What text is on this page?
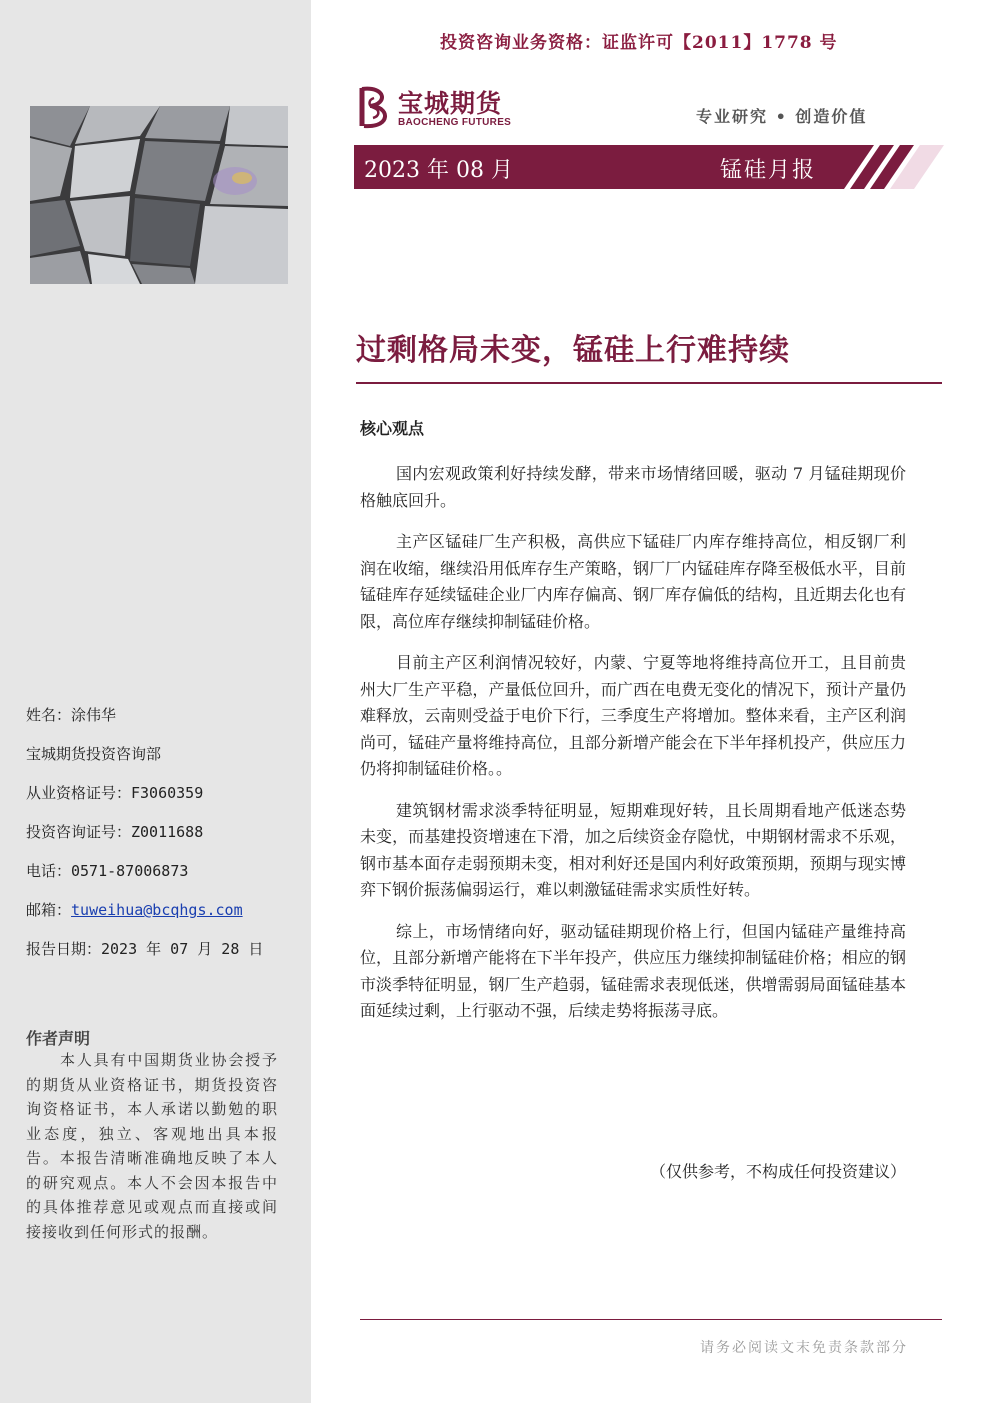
姓名：涂伟华
宝城期货投资咨询部
从业资格证号：F3060359
投资咨询证号：Z0011688
电话：0571-87006873
邮箱：tuweihua@bcqhgs.com
报告日期：2023 年 07 月 28 日
作者声明
本人具有中国期货业协会授予的期货从业资格证书，期货投资咨询资格证书，本人承诺以勤勉的职业态度，独立、客观地出具本报告。本报告清晰准确地反映了本人的研究观点。本人不会因本报告中的具体推荐意见或观点而直接或间接接收到任何形式的报酬。
投资咨询业务资格：证监许可【2011】1778 号
宝城期货
BAOCHENG FUTURES	专业研究 • 创造价值
2023 年 08 月	锰硅月报
过剩格局未变，锰硅上行难持续
核心观点

国内宏观政策利好持续发酵，带来市场情绪回暖，驱动 7 月锰硅期现价格触底回升。

主产区锰硅厂生产积极，高供应下锰硅厂内库存维持高位，相反钢厂利润在收缩，继续沿用低库存生产策略，钢厂厂内锰硅库存降至极低水平，目前锰硅库存延续锰硅企业厂内库存偏高、钢厂库存偏低的结构，且近期去化也有限，高位库存继续抑制锰硅价格。

目前主产区利润情况较好，内蒙、宁夏等地将维持高位开工，且目前贵州大厂生产平稳，产量低位回升，而广西在电费无变化的情况下，预计产量仍难释放，云南则受益于电价下行，三季度生产将增加。整体来看，主产区利润尚可，锰硅产量将维持高位，且部分新增产能会在下半年择机投产，供应压力仍将抑制锰硅价格。。

建筑钢材需求淡季特征明显，短期难现好转，且长周期看地产低迷态势未变，而基建投资增速在下滑，加之后续资金存隐忧，中期钢材需求不乐观，钢市基本面存走弱预期未变，相对利好还是国内利好政策预期，预期与现实博弈下钢价振荡偏弱运行，难以刺激锰硅需求实质性好转。

综上，市场情绪向好，驱动锰硅期现价格上行，但国内锰硅产量维持高位，且部分新增产能将在下半年投产，供应压力继续抑制锰硅价格；相应的钢市淡季特征明显，钢厂生产趋弱，锰硅需求表现低迷，供增需弱局面锰硅基本面延续过剩，上行驱动不强，后续走势将振荡寻底。

（仅供参考，不构成任何投资建议）
请务必阅读文末免责条款部分
